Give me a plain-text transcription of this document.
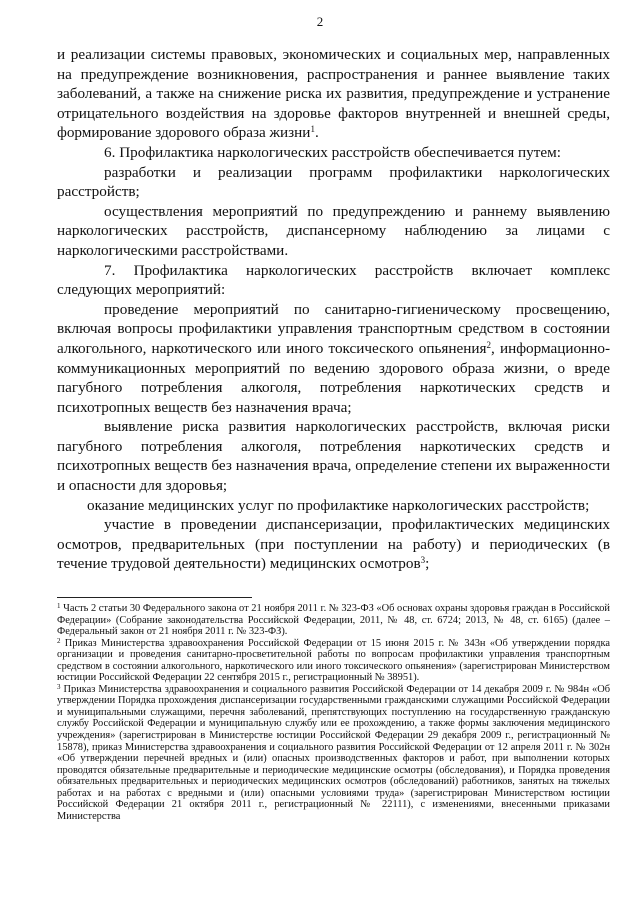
2

и реализации системы правовых, экономических и социальных мер, направленных на предупреждение возникновения, распространения и раннее выявление таких заболеваний, а также на снижение риска их развития, предупреждение и устранение отрицательного воздействия на здоровье факторов внутренней и внешней среды, формирование здорового образа жизни$^1$.

6. Профилактика наркологических расстройств обеспечивается путем:

разработки и реализации программ профилактики наркологических расстройств;

осуществления мероприятий по предупреждению и раннему выявлению наркологических расстройств, диспансерному наблюдению за лицами с наркологическими расстройствами.

7. Профилактика наркологических расстройств включает комплекс следующих мероприятий:

проведение мероприятий по санитарно-гигиеническому просвещению, включая вопросы профилактики управления транспортным средством в состоянии алкогольного, наркотического или иного токсического опьянения$^2$, информационно-коммуникационных мероприятий по ведению здорового образа жизни, о вреде пагубного потребления алкоголя, потребления наркотических средств и психотропных веществ без назначения врача;

выявление риска развития наркологических расстройств, включая риски пагубного потребления алкоголя, потребления наркотических средств и психотропных веществ без назначения врача, определение степени их выраженности и опасности для здоровья;

оказание медицинских услуг по профилактике наркологических расстройств;

участие в проведении диспансеризации, профилактических медицинских осмотров, предварительных (при поступлении на работу) и периодических (в течение трудовой деятельности) медицинских осмотров$^3$;

$^1$ Часть 2 статьи 30 Федерального закона от 21 ноября 2011 г. № 323-ФЗ «Об основах охраны здоровья граждан в Российской Федерации» (Собрание законодательства Российской Федерации, 2011, № 48, ст. 6724; 2013, № 48, ст. 6165) (далее – Федеральный закон от 21 ноября 2011 г. № 323-ФЗ).

$^2$ Приказ Министерства здравоохранения Российской Федерации от 15 июня 2015 г. № 343н «Об утверждении порядка организации и проведения санитарно-просветительной работы по вопросам профилактики управления транспортным средством в состоянии алкогольного, наркотического или иного токсического опьянения» (зарегистрирован Министерством юстиции Российской Федерации 22 сентября 2015 г., регистрационный № 38951).

$^3$ Приказ Министерства здравоохранения и социального развития Российской Федерации от 14 декабря 2009 г. № 984н «Об утверждении Порядка прохождения диспансеризации государственными гражданскими служащими Российской Федерации и муниципальными служащими, перечня заболеваний, препятствующих поступлению на государственную гражданскую службу Российской Федерации и муниципальную службу или ее прохождению, а также формы заключения медицинского учреждения» (зарегистрирован в Министерстве юстиции Российской Федерации 29 декабря 2009 г., регистрационный № 15878), приказ Министерства здравоохранения и социального развития Российской Федерации от 12 апреля 2011 г. № 302н «Об утверждении перечней вредных и (или) опасных производственных факторов и работ, при выполнении которых проводятся обязательные предварительные и периодические медицинские осмотры (обследования), и Порядка проведения обязательных предварительных и периодических медицинских осмотров (обследований) работников, занятых на тяжелых работах и на работах с вредными и (или) опасными условиями труда» (зарегистрирован Министерством юстиции Российской Федерации 21 октября 2011 г., регистрационный № 22111), с изменениями, внесенными приказами Министерства
